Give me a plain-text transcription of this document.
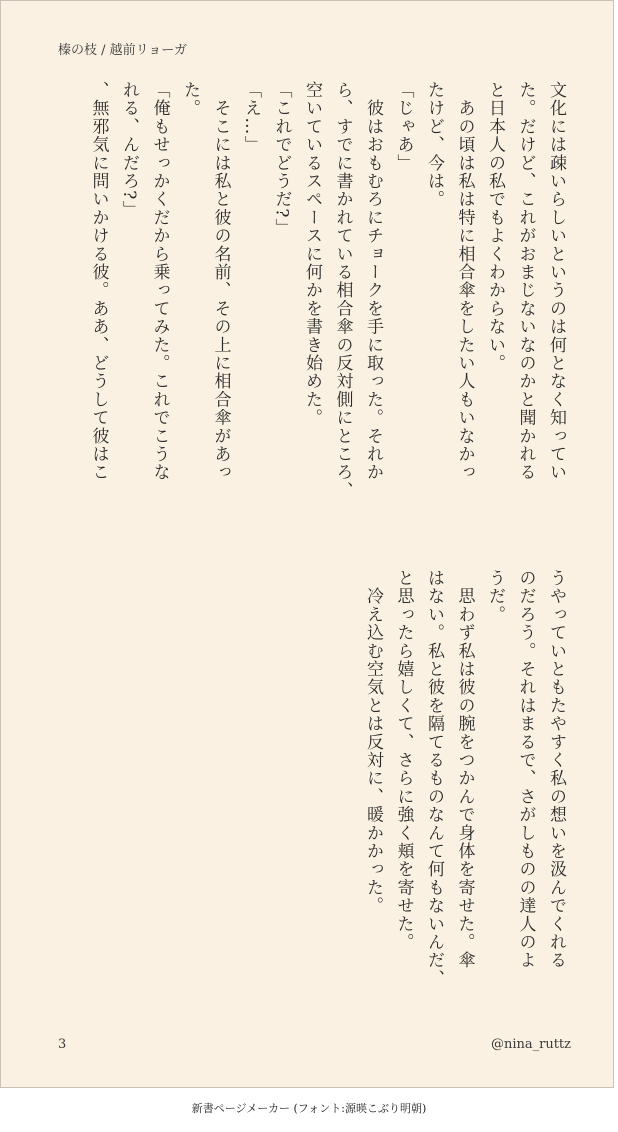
榛の枝 / 越前リョーガ

文化には疎いらしいというのは何となく知ってい

た。だけど、これがおまじないなのかと聞かれる

と日本人の私でもよくわからない。

　あの頃は私は特に相合傘をしたい人もいなかっ

たけど、今は。

「じゃあ」

　彼はおもむろにチョークを手に取った。それか

ら、すでに書かれている相合傘の反対側にところ、

空いているスペースに何かを書き始めた。

「これでどうだ?」

「え…」

　そこには私と彼の名前、その上に相合傘があっ

た。

「俺もせっかくだから乗ってみた。これでこうな

れる、んだろ?」

、無邪気に問いかける彼。ああ、どうして彼はこ

うやっていともたやすく私の想いを汲んでくれる

のだろう。それはまるで、さがしものの達人のよ

うだ。

　思わず私は彼の腕をつかんで身体を寄せた。傘

はない。私と彼を隔てるものなんて何もないんだ、

と思ったら嬉しくて、さらに強く頬を寄せた。

　冷え込む空気とは反対に、暖かかった。

3	@nina_ruttz
新書ページメーカー (フォント:源暎こぶり明朝)
